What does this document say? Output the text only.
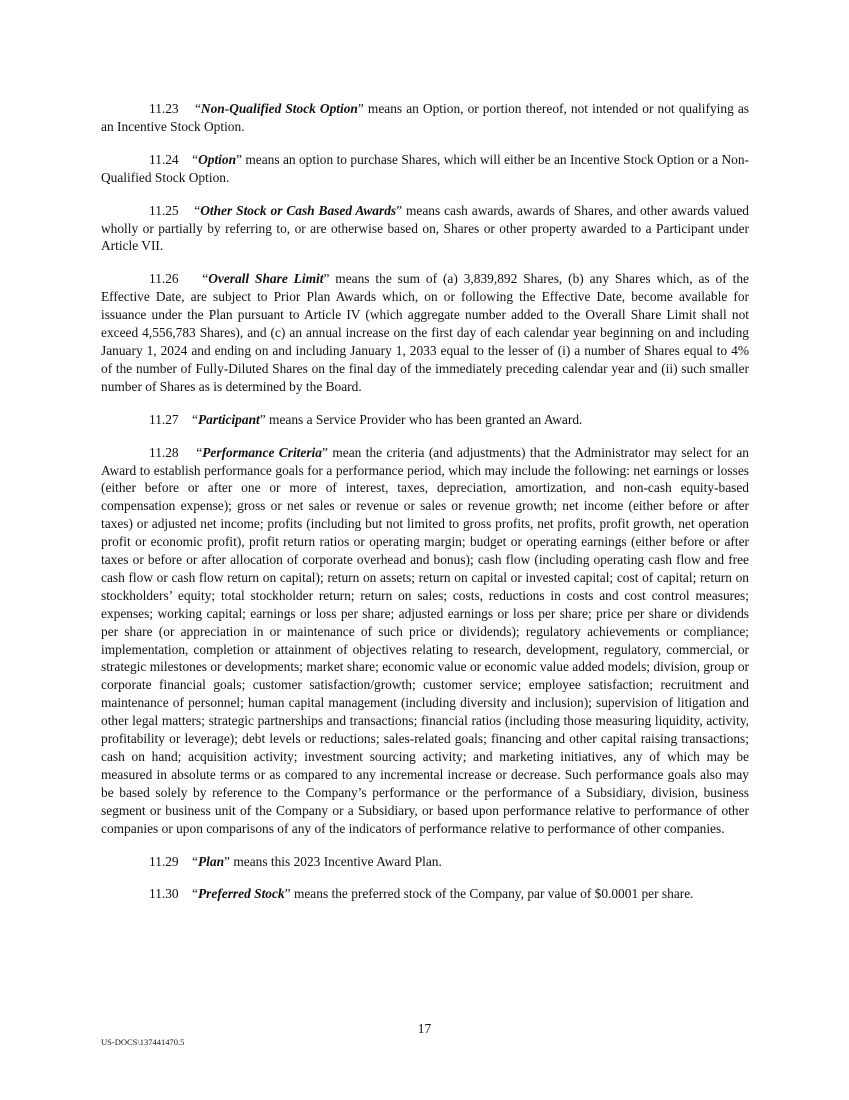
11.23    “Non-Qualified Stock Option” means an Option, or portion thereof, not intended or not qualifying as an Incentive Stock Option.

11.24    “Option” means an option to purchase Shares, which will either be an Incentive Stock Option or a Non-Qualified Stock Option.

11.25    “Other Stock or Cash Based Awards” means cash awards, awards of Shares, and other awards valued wholly or partially by referring to, or are otherwise based on, Shares or other property awarded to a Participant under Article VII.

11.26    “Overall Share Limit” means the sum of (a) 3,839,892 Shares, (b) any Shares which, as of the Effective Date, are subject to Prior Plan Awards which, on or following the Effective Date, become available for issuance under the Plan pursuant to Article IV (which aggregate number added to the Overall Share Limit shall not exceed 4,556,783 Shares), and (c) an annual increase on the first day of each calendar year beginning on and including January 1, 2024 and ending on and including January 1, 2033 equal to the lesser of (i) a number of Shares equal to 4% of the number of Fully-Diluted Shares on the final day of the immediately preceding calendar year and (ii) such smaller number of Shares as is determined by the Board.

11.27    “Participant” means a Service Provider who has been granted an Award.

11.28    “Performance Criteria” mean the criteria (and adjustments) that the Administrator may select for an Award to establish performance goals for a performance period, which may include the following: net earnings or losses (either before or after one or more of interest, taxes, depreciation, amortization, and non-cash equity-based compensation expense); gross or net sales or revenue or sales or revenue growth; net income (either before or after taxes) or adjusted net income; profits (including but not limited to gross profits, net profits, profit growth, net operation profit or economic profit), profit return ratios or operating margin; budget or operating earnings (either before or after taxes or before or after allocation of corporate overhead and bonus); cash flow (including operating cash flow and free cash flow or cash flow return on capital); return on assets; return on capital or invested capital; cost of capital; return on stockholders’ equity; total stockholder return; return on sales; costs, reductions in costs and cost control measures; expenses; working capital; earnings or loss per share; adjusted earnings or loss per share; price per share or dividends per share (or appreciation in or maintenance of such price or dividends); regulatory achievements or compliance; implementation, completion or attainment of objectives relating to research, development, regulatory, commercial, or strategic milestones or developments; market share; economic value or economic value added models; division, group or corporate financial goals; customer satisfaction/growth; customer service; employee satisfaction; recruitment and maintenance of personnel; human capital management (including diversity and inclusion); supervision of litigation and other legal matters; strategic partnerships and transactions; financial ratios (including those measuring liquidity, activity, profitability or leverage); debt levels or reductions; sales-related goals; financing and other capital raising transactions; cash on hand; acquisition activity; investment sourcing activity; and marketing initiatives, any of which may be measured in absolute terms or as compared to any incremental increase or decrease. Such performance goals also may be based solely by reference to the Company’s performance or the performance of a Subsidiary, division, business segment or business unit of the Company or a Subsidiary, or based upon performance relative to performance of other companies or upon comparisons of any of the indicators of performance relative to performance of other companies.

11.29    “Plan” means this 2023 Incentive Award Plan.

11.30    “Preferred Stock” means the preferred stock of the Company, par value of $0.0001 per share.

17
US-DOCS\137441470.5
